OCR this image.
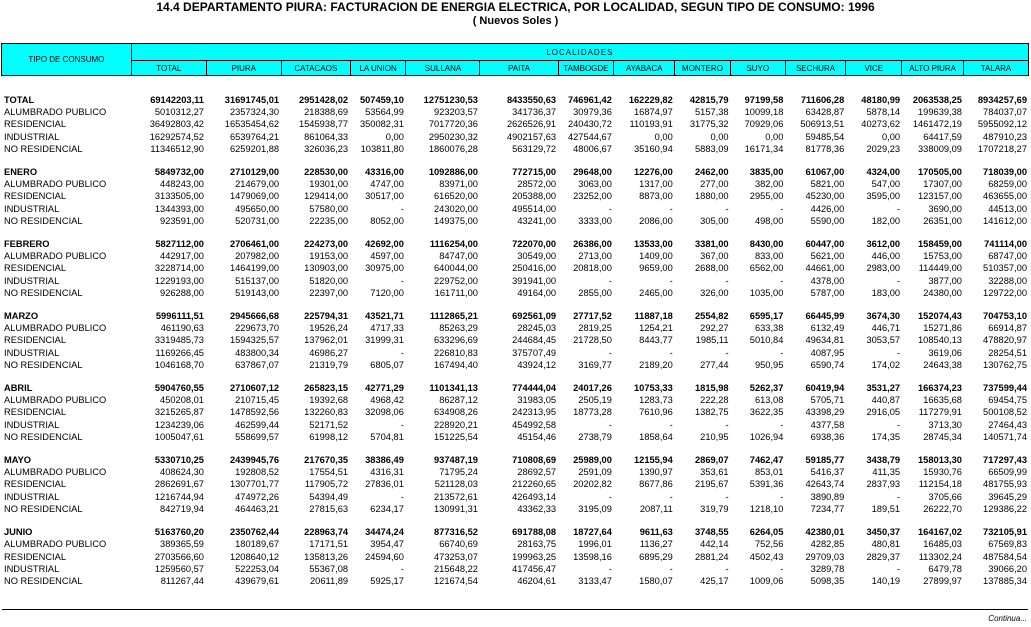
14.4 DEPARTAMENTO PIURA: FACTURACION DE ENERGIA ELECTRICA, POR LOCALIDAD, SEGUN TIPO DE CONSUMO: 1996
( Nuevos Soles )
TIPO DE CONSUMO	LOCALIDADES													
	TOTAL	PIURA	CATACAOS	LA UNION	SULLANA	PAITA	TAMBOGDE	AYABACA	MONTERO	SUYO	SECHURA	VICE	ALTO PIURA	TALARA
TOTAL	69142203,11	31691745,01	2951428,02	507459,10	12751230,53	8433550,63	746961,42	162229,82	42815,79	97199,58	711606,28	48180,99	2063538,25	8934257,69
ALUMBRADO PUBLICO	5010312,27	2357324,30	218388,69	53564,99	923203,57	341736,37	30979,36	16874,97	5157,38	10099,18	63428,87	5878,14	199639,38	784037,07
RESIDENCIAL	36492803,42	16535454,62	1545938,77	350082,31	7017720,36	2626526,91	240430,72	110193,91	31775,32	70929,06	506913,51	40273,62	1461472,19	5955092,12
INDUSTRIAL	16292574,52	6539764,21	861064,33	0,00	2950230,32	4902157,63	427544,67	0,00	0,00	0,00	59485,54	0,00	64417,59	487910,23
NO RESIDENCIAL	11346512,90	6259201,88	326036,23	103811,80	1860076,28	563129,72	48006,67	35160,94	5883,09	16171,34	81778,36	2029,23	338009,09	1707218,27

ENERO	5849732,00	2710129,00	228530,00	43316,00	1092886,00	772715,00	29648,00	12276,00	2462,00	3835,00	61067,00	4324,00	170505,00	718039,00
ALUMBRADO PUBLICO	448243,00	214679,00	19301,00	4747,00	83971,00	28572,00	3063,00	1317,00	277,00	382,00	5821,00	547,00	17307,00	68259,00
RESIDENCIAL	3133505,00	1479069,00	129414,00	30517,00	616520,00	205388,00	23252,00	8873,00	1880,00	2955,00	45230,00	3595,00	123157,00	463655,00
INDUSTRIAL	1344393,00	495650,00	57580,00	-	243020,00	495514,00	-	-	-	-	4426,00	-	3690,00	44513,00
NO RESIDENCIAL	923591,00	520731,00	22235,00	8052,00	149375,00	43241,00	3333,00	2086,00	305,00	498,00	5590,00	182,00	26351,00	141612,00

FEBRERO	5827112,00	2706461,00	224273,00	42692,00	1116254,00	722070,00	26386,00	13533,00	3381,00	8430,00	60447,00	3612,00	158459,00	741114,00
ALUMBRADO PUBLICO	442917,00	207982,00	19153,00	4597,00	84747,00	30549,00	2713,00	1409,00	367,00	833,00	5621,00	446,00	15753,00	68747,00
RESIDENCIAL	3228714,00	1464199,00	130903,00	30975,00	640044,00	250416,00	20818,00	9659,00	2688,00	6562,00	44661,00	2983,00	114449,00	510357,00
INDUSTRIAL	1229193,00	515137,00	51820,00	-	229752,00	391941,00	-	-	-	-	4378,00	-	3877,00	32288,00
NO RESIDENCIAL	926288,00	519143,00	22397,00	7120,00	161711,00	49164,00	2855,00	2465,00	326,00	1035,00	5787,00	183,00	24380,00	129722,00

MARZO	5996111,51	2945666,68	225794,31	43521,71	1112865,21	692561,09	27717,52	11887,18	2554,82	6595,17	66445,99	3674,30	152074,43	704753,10
ALUMBRADO PUBLICO	461190,63	229673,70	19526,24	4717,33	85263,29	28245,03	2819,25	1254,21	292,27	633,38	6132,49	446,71	15271,86	66914,87
RESIDENCIAL	3319485,73	1594325,57	137962,01	31999,31	633296,69	244684,45	21728,50	8443,77	1985,11	5010,84	49634,81	3053,57	108540,13	478820,97
INDUSTRIAL	1169266,45	483800,34	46986,27	-	226810,83	375707,49	-	-	-	-	4087,95	-	3619,06	28254,51
NO RESIDENCIAL	1046168,70	637867,07	21319,79	6805,07	167494,40	43924,12	3169,77	2189,20	277,44	950,95	6590,74	174,02	24643,38	130762,75

ABRIL	5904760,55	2710607,12	265823,15	42771,29	1101341,13	774444,04	24017,26	10753,33	1815,98	5262,37	60419,94	3531,27	166374,23	737599,44
ALUMBRADO PUBLICO	450208,01	210715,45	19392,68	4968,42	86287,12	31983,05	2505,19	1283,73	222,28	613,08	5705,71	440,87	16635,68	69454,75
RESIDENCIAL	3215265,87	1478592,56	132260,83	32098,06	634908,26	242313,95	18773,28	7610,96	1382,75	3622,35	43398,29	2916,05	117279,91	500108,52
INDUSTRIAL	1234239,06	462599,44	52171,52	-	228920,21	454992,58	-	-	-	-	4377,58	-	3713,30	27464,43
NO RESIDENCIAL	1005047,61	558699,57	61998,12	5704,81	151225,54	45154,46	2738,79	1858,64	210,95	1026,94	6938,36	174,35	28745,34	140571,74

MAYO	5330710,25	2439945,76	217670,35	38386,49	937487,19	710808,69	25989,00	12155,94	2869,07	7462,47	59185,77	3438,79	158013,30	717297,43
ALUMBRADO PUBLICO	408624,30	192808,52	17554,51	4316,31	71795,24	28692,57	2591,09	1390,97	353,61	853,01	5416,37	411,35	15930,76	66509,99
RESIDENCIAL	2862691,67	1307701,77	117905,72	27836,01	521128,03	212260,65	20202,82	8677,86	2195,67	5391,36	42643,74	2837,93	112154,18	481755,93
INDUSTRIAL	1216744,94	474972,26	54394,49	-	213572,61	426493,14	-	-	-	-	3890,89	-	3705,66	39645,29
NO RESIDENCIAL	842719,94	464463,21	27815,63	6234,17	130991,31	43362,33	3195,09	2087,11	319,79	1218,10	7234,77	189,51	26222,70	129386,22

JUNIO	5163760,20	2350762,44	228963,74	34474,24	877316,52	691788,08	18727,64	9611,63	3748,55	6264,05	42380,01	3450,37	164167,02	732105,91
ALUMBRADO PUBLICO	389365,59	180189,67	17171,51	3954,47	66740,69	28163,75	1996,01	1136,27	442,14	752,56	4282,85	480,81	16485,03	67569,83
RESIDENCIAL	2703566,60	1208640,12	135813,26	24594,60	473253,07	199963,25	13598,16	6895,29	2881,24	4502,43	29709,03	2829,37	113302,24	487584,54
INDUSTRIAL	1259560,57	522253,04	55367,08	-	215648,22	417456,47	-	-	-	-	3289,78	-	6479,78	39066,20
NO RESIDENCIAL	811267,44	439679,61	20611,89	5925,17	121674,54	46204,61	3133,47	1580,07	425,17	1009,06	5098,35	140,19	27899,97	137885,34
Continua...
